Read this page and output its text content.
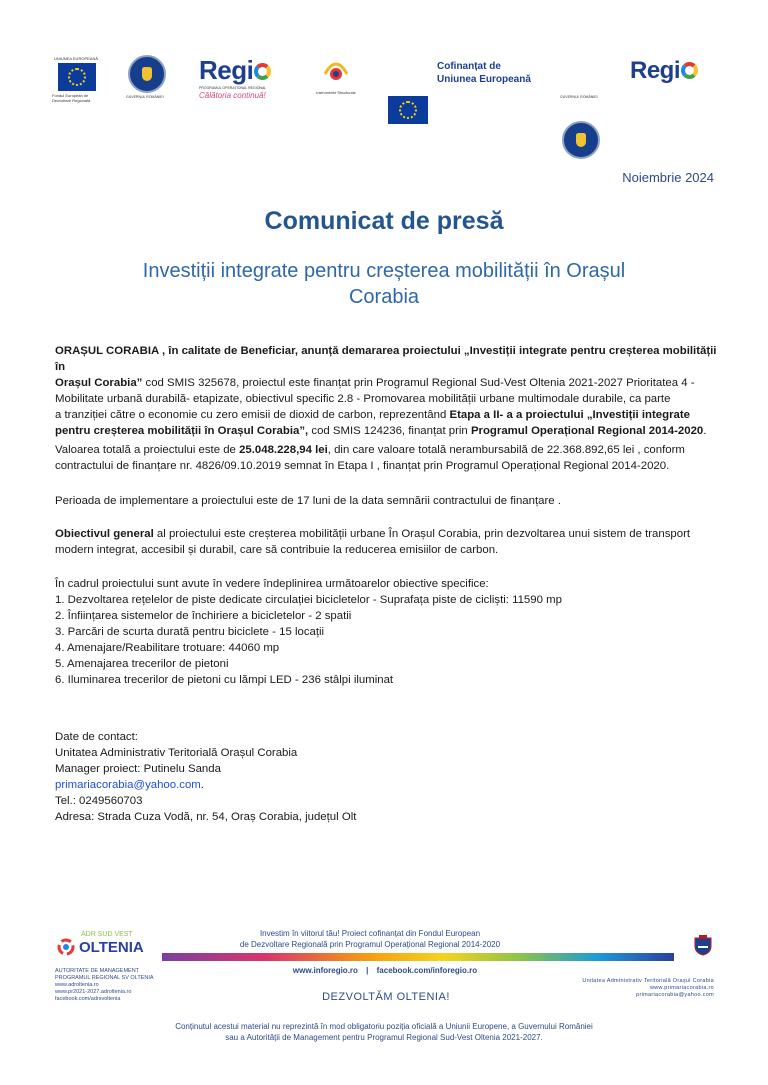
UNIUNEA EUROPEANĂ
Fondul European de
Dezvoltare Regională
GUVERNUL ROMÂNIEI
Regi
PROGRAMUL OPERAȚIONAL REGIONAL
Călătoria continuă!	Instrumente Structurale
Cofinanțat de
Uniunea Europeană
GUVERNUL ROMÂNIEI
Regi
Noiembrie 2024
Comunicat de presă
Investiții integrate pentru creșterea mobilității în Orașul
Corabia
ORAȘUL CORABIA , în calitate de Beneficiar, anunță demararea proiectului „Investiții integrate pentru creșterea mobilității în
Orașul Corabia” cod SMIS 325678, proiectul este finanțat prin Programul Regional Sud-Vest Oltenia 2021-2027 Prioritatea 4 -
Mobilitate urbană durabilă- etapizate, obiectivul specific 2.8 - Promovarea mobilității urbane multimodale durabile, ca parte
a tranziției către o economie cu zero emisii de dioxid de carbon, reprezentând Etapa a II- a a proiectului „Investiții integrate
pentru creșterea mobilității în Orașul Corabia”, cod SMIS 124236, finanțat prin Programul Operațional Regional 2014-2020.
Valoarea totală a proiectului este de 25.048.228,94 lei, din care valoare totală nerambursabilă de 22.368.892,65 lei , conform
contractului de finanțare nr. 4826/09.10.2019 semnat în Etapa I , finanțat prin Programul Operațional Regional 2014-2020.
Perioada de implementare a proiectului este de 17 luni de la data semnării contractului de finanțare .
Obiectivul general al proiectului este creșterea mobilității urbane În Orașul Corabia, prin dezvoltarea unui sistem de transport
modern integrat, accesibil și durabil, care să contribuie la reducerea emisiilor de carbon.
În cadrul proiectului sunt avute în vedere îndeplinirea următoarelor obiective specifice:
1. Dezvoltarea rețelelor de piste dedicate circulației bicicletelor - Suprafața piste de cicliști: 11590 mp
2. Înființarea sistemelor de închiriere a bicicletelor - 2 spatii
3. Parcări de scurta durată pentru biciclete - 15 locații
4. Amenajare/Reabilitare trotuare: 44060 mp
5. Amenajarea trecerilor de pietoni
6. Iluminarea trecerilor de pietoni cu lămpi LED - 236 stâlpi iluminat
Date de contact:
Unitatea Administrativ Teritorială Orașul Corabia
Manager proiect: Putinelu Sanda
primariacorabia@yahoo.com.
Tel.: 0249560703
Adresa: Strada Cuza Vodă, nr. 54, Oraș Corabia, județul Olt
ADR SUD VEST
OLTENIA
AUTORITATE DE MANAGEMENT
PROGRAMUL REGIONAL SV OLTENIA
www.adroltenia.ro
www.pr2021-2027.adroltenia.ro
facebook.com/adrsvoltenia
Investim în viitorul tău! Proiect cofinanțat din Fondul European
de Dezvoltare Regională prin Programul Operațional Regional 2014-2020
www.inforegio.ro | facebook.com/inforegio.ro
DEZVOLTĂM OLTENIA!
Unitatea Administrativ Teritorială Orașul Corabia
www.primariacorabia.ro
primariacorabia@yahoo.com
Conținutul acestui material nu reprezintă în mod obligatoriu poziția oficială a Uniunii Europene, a Guvernului României
sau a Autorității de Management pentru Programul Regional Sud-Vest Oltenia 2021-2027.
